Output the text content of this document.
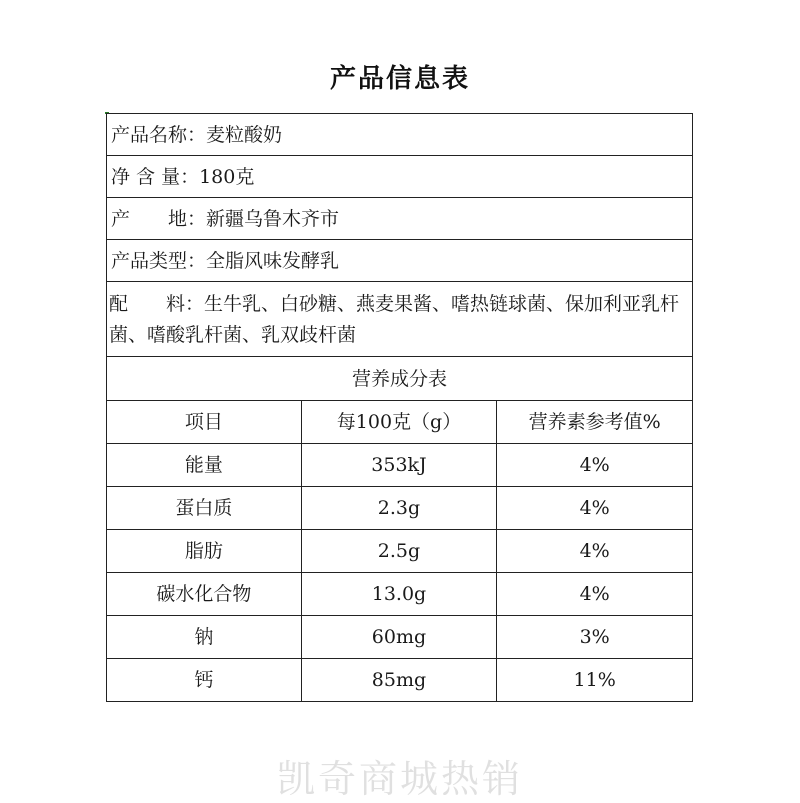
产品信息表
产品名称：麦粒酸奶		
净 含 量：180克		
产　　地：新疆乌鲁木齐市		
产品类型：全脂风味发酵乳		

配　　料：生牛乳、白砂糖、燕麦果酱、嗜热链球菌、保加利亚乳杆菌、嗜酸乳杆菌、乳双歧杆菌		

营养成分表		
项目	每100克（g）	营养素参考值%
能量	353kJ	4%
蛋白质	2.3g	4%
脂肪	2.5g	4%
碳水化合物	13.0g	4%
钠	60mg	3%
钙	85mg	11%
凯奇商城热销
